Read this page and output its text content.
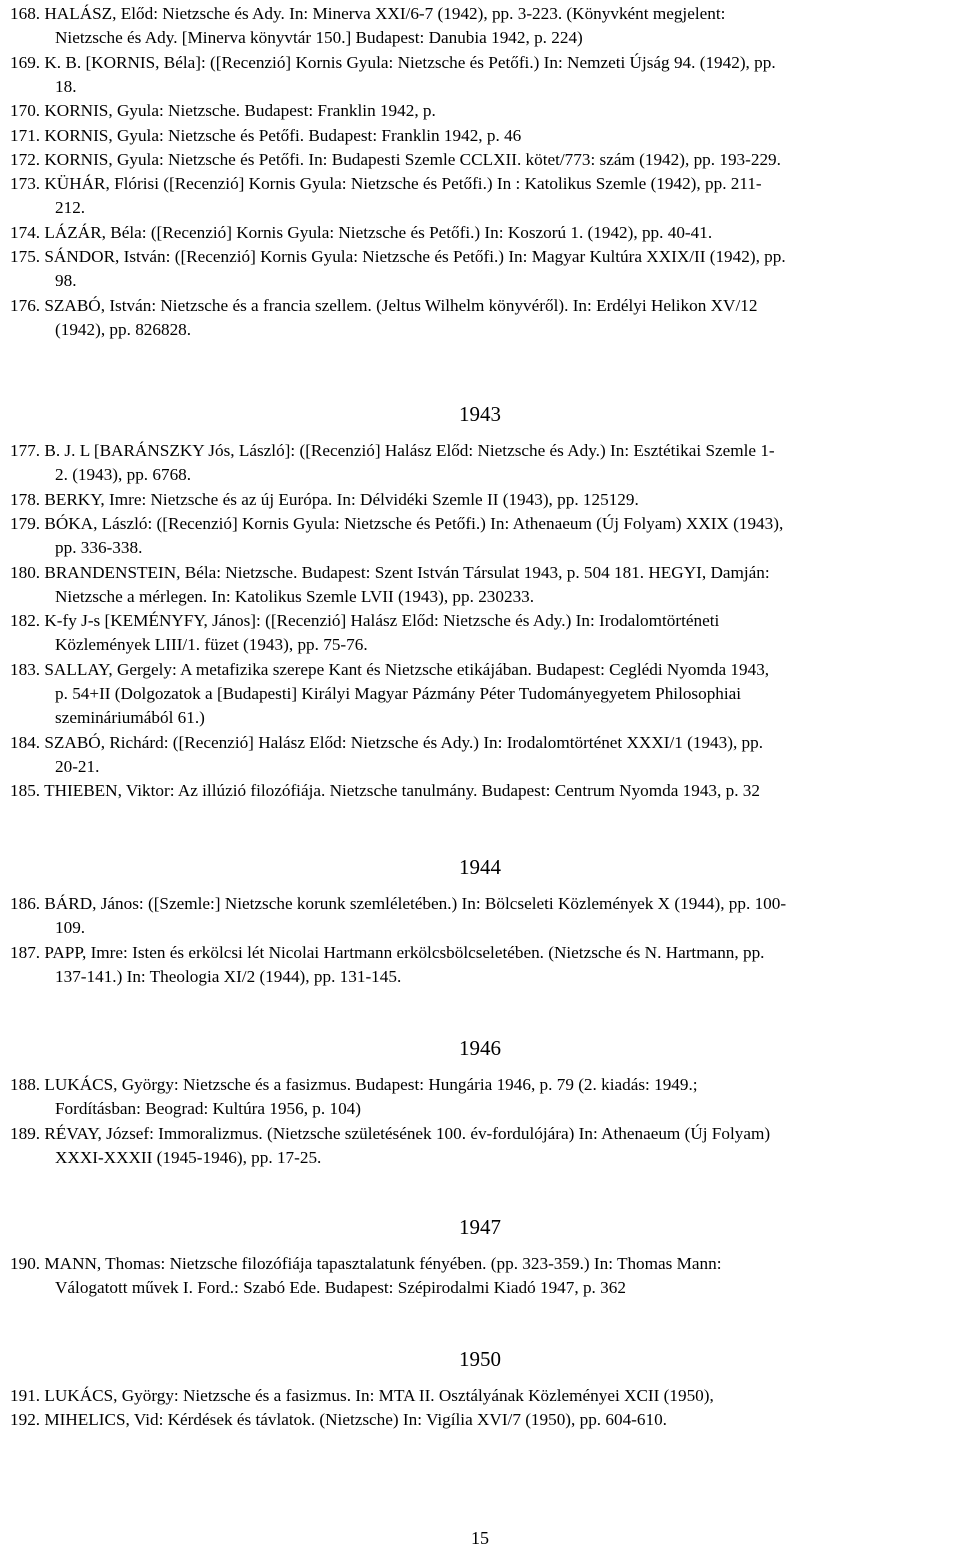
168. HALÁSZ, Előd: Nietzsche és Ady. In: Minerva XXI/6-7 (1942), pp. 3-223. (Könyvként megjelent:
Nietzsche és Ady. [Minerva könyvtár 150.] Budapest: Danubia 1942, p. 224)
169. K. B. [KORNIS, Béla]: ([Recenzió] Kornis Gyula: Nietzsche és Petőfi.) In: Nemzeti Újság 94. (1942), pp.
18.
170. KORNIS, Gyula: Nietzsche. Budapest: Franklin 1942, p.
171. KORNIS, Gyula: Nietzsche és Petőfi. Budapest: Franklin 1942, p. 46
172. KORNIS, Gyula: Nietzsche és Petőfi. In: Budapesti Szemle CCLXII. kötet/773: szám (1942), pp. 193-229.
173. KÜHÁR, Flórisi ([Recenzió] Kornis Gyula: Nietzsche és Petőfi.) In : Katolikus Szemle (1942), pp. 211-
212.
174. LÁZÁR, Béla: ([Recenzió] Kornis Gyula: Nietzsche és Petőfi.) In: Koszorú 1. (1942), pp. 40-41.
175. SÁNDOR, István: ([Recenzió] Kornis Gyula: Nietzsche és Petőfi.) In: Magyar Kultúra XXIX/II (1942), pp.
98.
176. SZABÓ, István: Nietzsche és a francia szellem. (Jeltus Wilhelm könyvéről). In: Erdélyi Helikon XV/12
(1942), pp. 826828.
1943
177. B. J. L [BARÁNSZKY Jós, László]: ([Recenzió] Halász Előd: Nietzsche és Ady.) In: Esztétikai Szemle 1-
2. (1943), pp. 6768.
178. BERKY, Imre: Nietzsche és az új Európa. In: Délvidéki Szemle II (1943), pp. 125129.
179. BÓKA, László: ([Recenzió] Kornis Gyula: Nietzsche és Petőfi.) In: Athenaeum (Új Folyam) XXIX (1943),
pp. 336-338.
180. BRANDENSTEIN, Béla: Nietzsche. Budapest: Szent István Társulat 1943, p. 504 181. HEGYI, Damján:
Nietzsche a mérlegen. In: Katolikus Szemle LVII (1943), pp. 230233.
182. K-fy J-s [KEMÉNYFY, János]: ([Recenzió] Halász Előd: Nietzsche és Ady.) In: Irodalomtörténeti
Közlemények LIII/1. füzet (1943), pp. 75-76.
183. SALLAY, Gergely: A metafizika szerepe Kant és Nietzsche etikájában. Budapest: Ceglédi Nyomda 1943,
p. 54+II (Dolgozatok a [Budapesti] Királyi Magyar Pázmány Péter Tudományegyetem Philosophiai
szemináriumából 61.)
184. SZABÓ, Richárd: ([Recenzió] Halász Előd: Nietzsche és Ady.) In: Irodalomtörténet XXXI/1 (1943), pp.
20-21.
185. THIEBEN, Viktor: Az illúzió filozófiája. Nietzsche tanulmány. Budapest: Centrum Nyomda 1943, p. 32
1944
186. BÁRD, János: ([Szemle:] Nietzsche korunk szemléletében.) In: Bölcseleti Közlemények X (1944), pp. 100-
109.
187. PAPP, Imre: Isten és erkölcsi lét Nicolai Hartmann erkölcsbölcseletében. (Nietzsche és N. Hartmann, pp.
137-141.) In: Theologia XI/2 (1944), pp. 131-145.
1946
188. LUKÁCS, György: Nietzsche és a fasizmus. Budapest: Hungária 1946, p. 79 (2. kiadás: 1949.;
Fordításban: Beograd: Kultúra 1956, p. 104)
189. RÉVAY, József: Immoralizmus. (Nietzsche születésének 100. év-fordulójára) In: Athenaeum (Új Folyam)
XXXI-XXXII (1945-1946), pp. 17-25.
1947
190. MANN, Thomas: Nietzsche filozófiája tapasztalatunk fényében. (pp. 323-359.) In: Thomas Mann:
Válogatott művek I. Ford.: Szabó Ede. Budapest: Szépirodalmi Kiadó 1947, p. 362
1950
191. LUKÁCS, György: Nietzsche és a fasizmus. In: MTA II. Osztályának Közleményei XCII (1950),
192. MIHELICS, Vid: Kérdések és távlatok. (Nietzsche) In: Vigília XVI/7 (1950), pp. 604-610.
15
